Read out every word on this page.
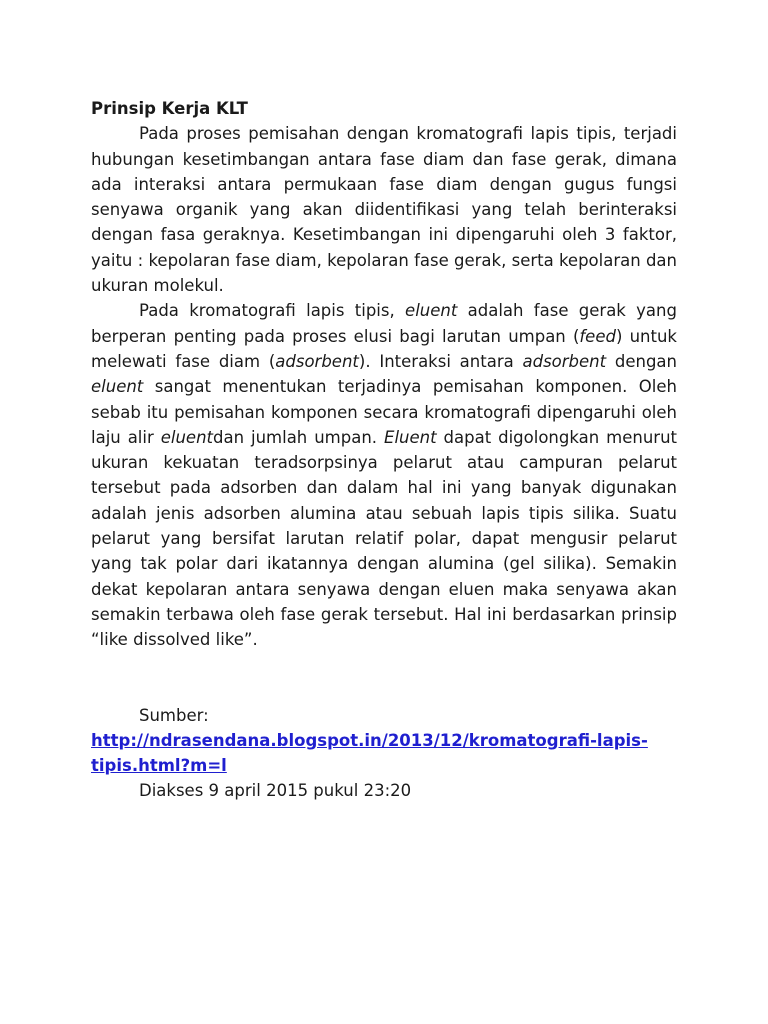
Prinsip Kerja KLT

Pada proses pemisahan dengan kromatografi lapis tipis, terjadi hubungan kesetimbangan antara fase diam dan fase gerak, dimana ada interaksi antara permukaan fase diam dengan gugus fungsi senyawa organik yang akan diidentifikasi yang telah berinteraksi dengan fasa geraknya. Kesetimbangan ini dipengaruhi oleh 3 faktor, yaitu : kepolaran fase diam, kepolaran fase gerak, serta kepolaran dan ukuran molekul.

Pada kromatografi lapis tipis, eluent adalah fase gerak yang berperan penting pada proses elusi bagi larutan umpan (feed) untuk melewati fase diam (adsorbent). Interaksi antara adsorbent dengan eluent sangat menentukan terjadinya pemisahan komponen. Oleh sebab itu pemisahan komponen secara kromatografi dipengaruhi oleh laju alir eluentdan jumlah umpan. Eluent dapat digolongkan menurut ukuran kekuatan teradsorpsinya pelarut atau campuran pelarut tersebut pada adsorben dan dalam hal ini yang banyak digunakan adalah jenis adsorben alumina atau sebuah lapis tipis silika. Suatu pelarut yang bersifat larutan relatif polar, dapat mengusir pelarut yang tak polar dari ikatannya dengan alumina (gel silika). Semakin dekat kepolaran antara senyawa dengan eluen maka senyawa akan semakin terbawa oleh fase gerak tersebut. Hal ini berdasarkan prinsip “like dissolved like”.

Sumber:http://ndrasendana.blogspot.in/2013/12/kromatografi-lapis-tipis.html?m=l

Diakses 9 april 2015 pukul 23:20
